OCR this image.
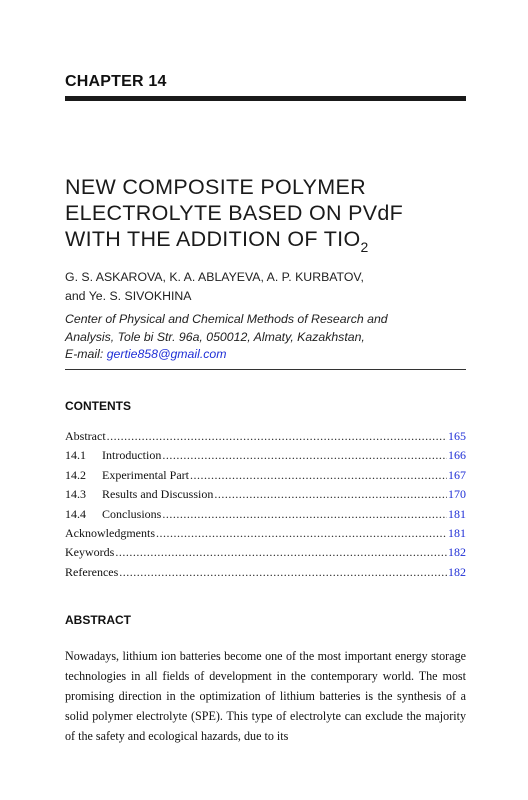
CHAPTER 14
NEW COMPOSITE POLYMER
ELECTROLYTE BASED ON PVdF
WITH THE ADDITION OF $TIO_2$
G. S. ASKAROVA, K. A. ABLAYEVA, A. P. KURBATOV,
and Ye. S. SIVOKHINA
Center of Physical and Chemical Methods of Research and
Analysis, Tole bi Str. 96a, 050012, Almaty, Kazakhstan,
E-mail: gertie858@gmail.com
CONTENTS
Abstract .....	165
14.1	Introduction .....	166
14.2	Experimental Part .....	167
14.3	Results and Discussion .....	170
14.4	Conclusions .....	181
Acknowledgments .....	181
Keywords .....	182
References .....	182
ABSTRACT

Nowadays, lithium ion batteries become one of the most important energy storage technologies in all fields of development in the contemporary world. The most promising direction in the optimization of lithium batteries is the synthesis of a solid polymer electrolyte (SPE). This type of electrolyte can exclude the majority of the safety and ecological hazards, due to its
